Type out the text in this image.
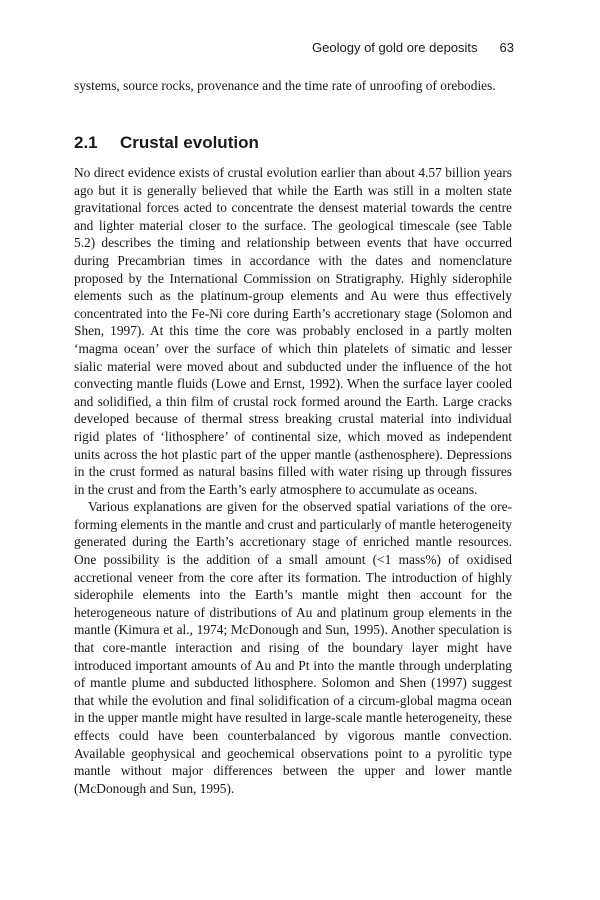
Geology of gold ore deposits 63

systems, source rocks, provenance and the time rate of unroofing of orebodies.

2.1 Crustal evolution

No direct evidence exists of crustal evolution earlier than about 4.57 billion years ago but it is generally believed that while the Earth was still in a molten state gravitational forces acted to concentrate the densest material towards the centre and lighter material closer to the surface. The geological timescale (see Table 5.2) describes the timing and relationship between events that have occurred during Precambrian times in accordance with the dates and nomenclature proposed by the International Commission on Stratigraphy. Highly siderophile elements such as the platinum-group elements and Au were thus effectively concentrated into the Fe-Ni core during Earth’s accretionary stage (Solomon and Shen, 1997). At this time the core was probably enclosed in a partly molten ‘magma ocean’ over the surface of which thin platelets of simatic and lesser sialic material were moved about and subducted under the influence of the hot convecting mantle fluids (Lowe and Ernst, 1992). When the surface layer cooled and solidified, a thin film of crustal rock formed around the Earth. Large cracks developed because of thermal stress breaking crustal material into individual rigid plates of ‘lithosphere’ of continental size, which moved as independent units across the hot plastic part of the upper mantle (asthenosphere). Depressions in the crust formed as natural basins filled with water rising up through fissures in the crust and from the Earth’s early atmosphere to accumulate as oceans.

Various explanations are given for the observed spatial variations of the ore-forming elements in the mantle and crust and particularly of mantle heterogeneity generated during the Earth’s accretionary stage of enriched mantle resources. One possibility is the addition of a small amount (<1 mass%) of oxidised accretional veneer from the core after its formation. The introduction of highly siderophile elements into the Earth’s mantle might then account for the heterogeneous nature of distributions of Au and platinum group elements in the mantle (Kimura et al., 1974; McDonough and Sun, 1995). Another speculation is that core-mantle interaction and rising of the boundary layer might have introduced important amounts of Au and Pt into the mantle through underplating of mantle plume and subducted lithosphere. Solomon and Shen (1997) suggest that while the evolution and final solidification of a circum-global magma ocean in the upper mantle might have resulted in large-scale mantle heterogeneity, these effects could have been counterbalanced by vigorous mantle convection. Available geophysical and geochemical observations point to a pyrolitic type mantle without major differences between the upper and lower mantle (McDonough and Sun, 1995).
